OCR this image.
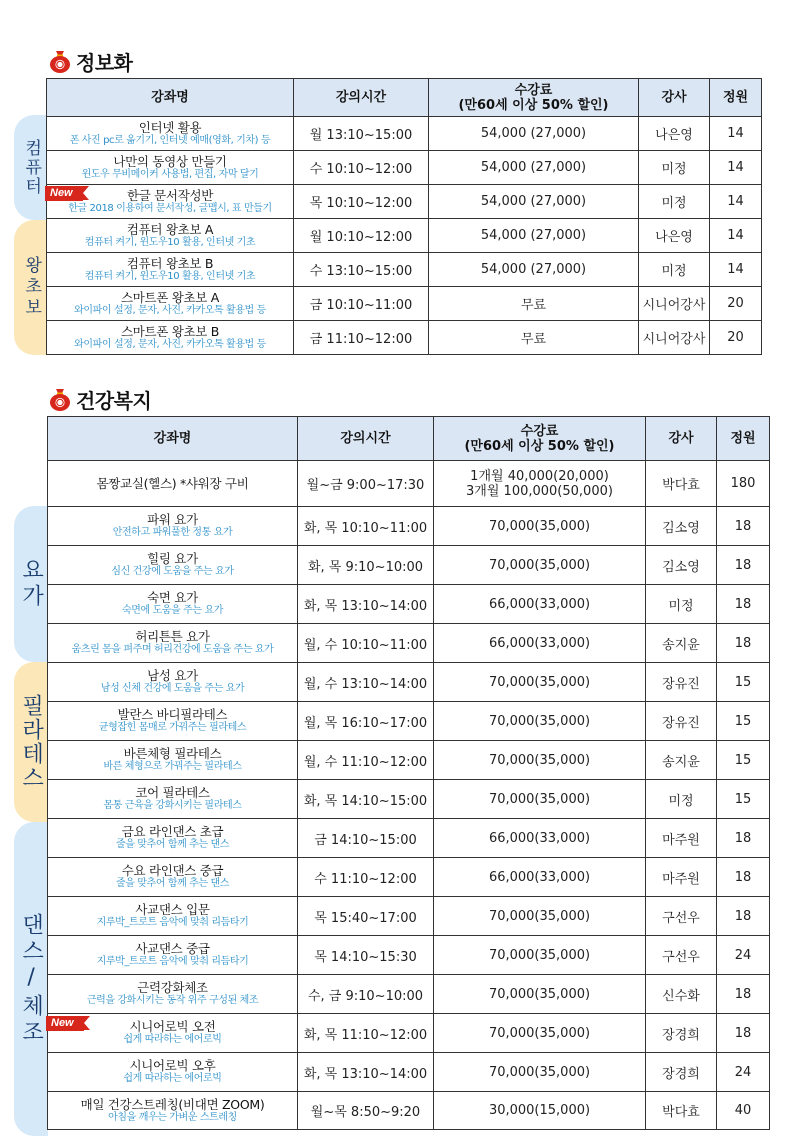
정보화
컴퓨터
왕초보
강좌명	강의시간	수강료
(만60세 이상 50% 할인)	강사	정원

인터넷 활용
폰 사진 pc로 옮기기, 인터넷 예매(영화, 기차) 등	월 13:10~15:00	54,000 (27,000)	나은영	14

나만의 동영상 만들기
윈도우 무비메이커 사용법, 편집, 자막 달기	수 10:10~12:00	54,000 (27,000)	미정	14

한글 문서작성반
한글 2018 이용하여 문서작성, 글맵시, 표 만들기	목 10:10~12:00	54,000 (27,000)	미정	14

컴퓨터 왕초보 A
컴퓨터 켜기, 윈도우10 활용, 인터넷 기초	월 10:10~12:00	54,000 (27,000)	나은영	14

컴퓨터 왕초보 B
컴퓨터 켜기, 윈도우10 활용, 인터넷 기초	수 13:10~15:00	54,000 (27,000)	미정	14

스마트폰 왕초보 A
와이파이 설정, 문자, 사진, 카카오톡 활용법 등	금 10:10~11:00	무료	시니어강사	20

스마트폰 왕초보 B
와이파이 설정, 문자, 사진, 카카오톡 활용법 등	금 11:10~12:00	무료	시니어강사	20
New
건강복지
요가
필라테스
댄스/체조
강좌명	강의시간	수강료
(만60세 이상 50% 할인)	강사	정원

몸짱교실(헬스) *샤워장 구비	월~금 9:00~17:30	1개월 40,000(20,000)
3개월 100,000(50,000)	박다효	180

파워 요가
안전하고 파워풀한 정통 요가	화, 목 10:10~11:00	70,000(35,000)	김소영	18

힐링 요가
심신 건강에 도움을 주는 요가	화, 목 9:10~10:00	70,000(35,000)	김소영	18

숙면 요가
숙면에 도움을 주는 요가	화, 목 13:10~14:00	66,000(33,000)	미정	18

허리튼튼 요가
움츠린 몸을 펴주며 허리건강에 도움을 주는 요가	월, 수 10:10~11:00	66,000(33,000)	송지윤	18

남성 요가
남성 신체 건강에 도움을 주는 요가	월, 수 13:10~14:00	70,000(35,000)	장유진	15

발란스 바디필라테스
균형잡힌 몸매로 가꿔주는 필라테스	월, 목 16:10~17:00	70,000(35,000)	장유진	15

바른체형 필라테스
바른 체형으로 가꿔주는 필라테스	월, 수 11:10~12:00	70,000(35,000)	송지윤	15

코어 필라테스
몸통 근육을 강화시키는 필라테스	화, 목 14:10~15:00	70,000(35,000)	미정	15

금요 라인댄스 초급
줄을 맞추어 함께 추는 댄스	금 14:10~15:00	66,000(33,000)	마주원	18

수요 라인댄스 중급
줄을 맞추어 함께 추는 댄스	수 11:10~12:00	66,000(33,000)	마주원	18

사교댄스 입문
지루박_트로트 음악에 맞춰 리듬타기	목 15:40~17:00	70,000(35,000)	구선우	18

사교댄스 중급
지루박_트로트 음악에 맞춰 리듬타기	목 14:10~15:30	70,000(35,000)	구선우	24

근력강화체조
근력을 강화시키는 동작 위주 구성된 체조	수, 금 9:10~10:00	70,000(35,000)	신수화	18

시니어로빅 오전
쉽게 따라하는 에어로빅	화, 목 11:10~12:00	70,000(35,000)	장경희	18

시니어로빅 오후
쉽게 따라하는 에어로빅	화, 목 13:10~14:00	70,000(35,000)	장경희	24

매일 건강스트레칭(비대면 ZOOM)
아침을 깨우는 가벼운 스트레칭	월~목 8:50~9:20	30,000(15,000)	박다효	40
New
